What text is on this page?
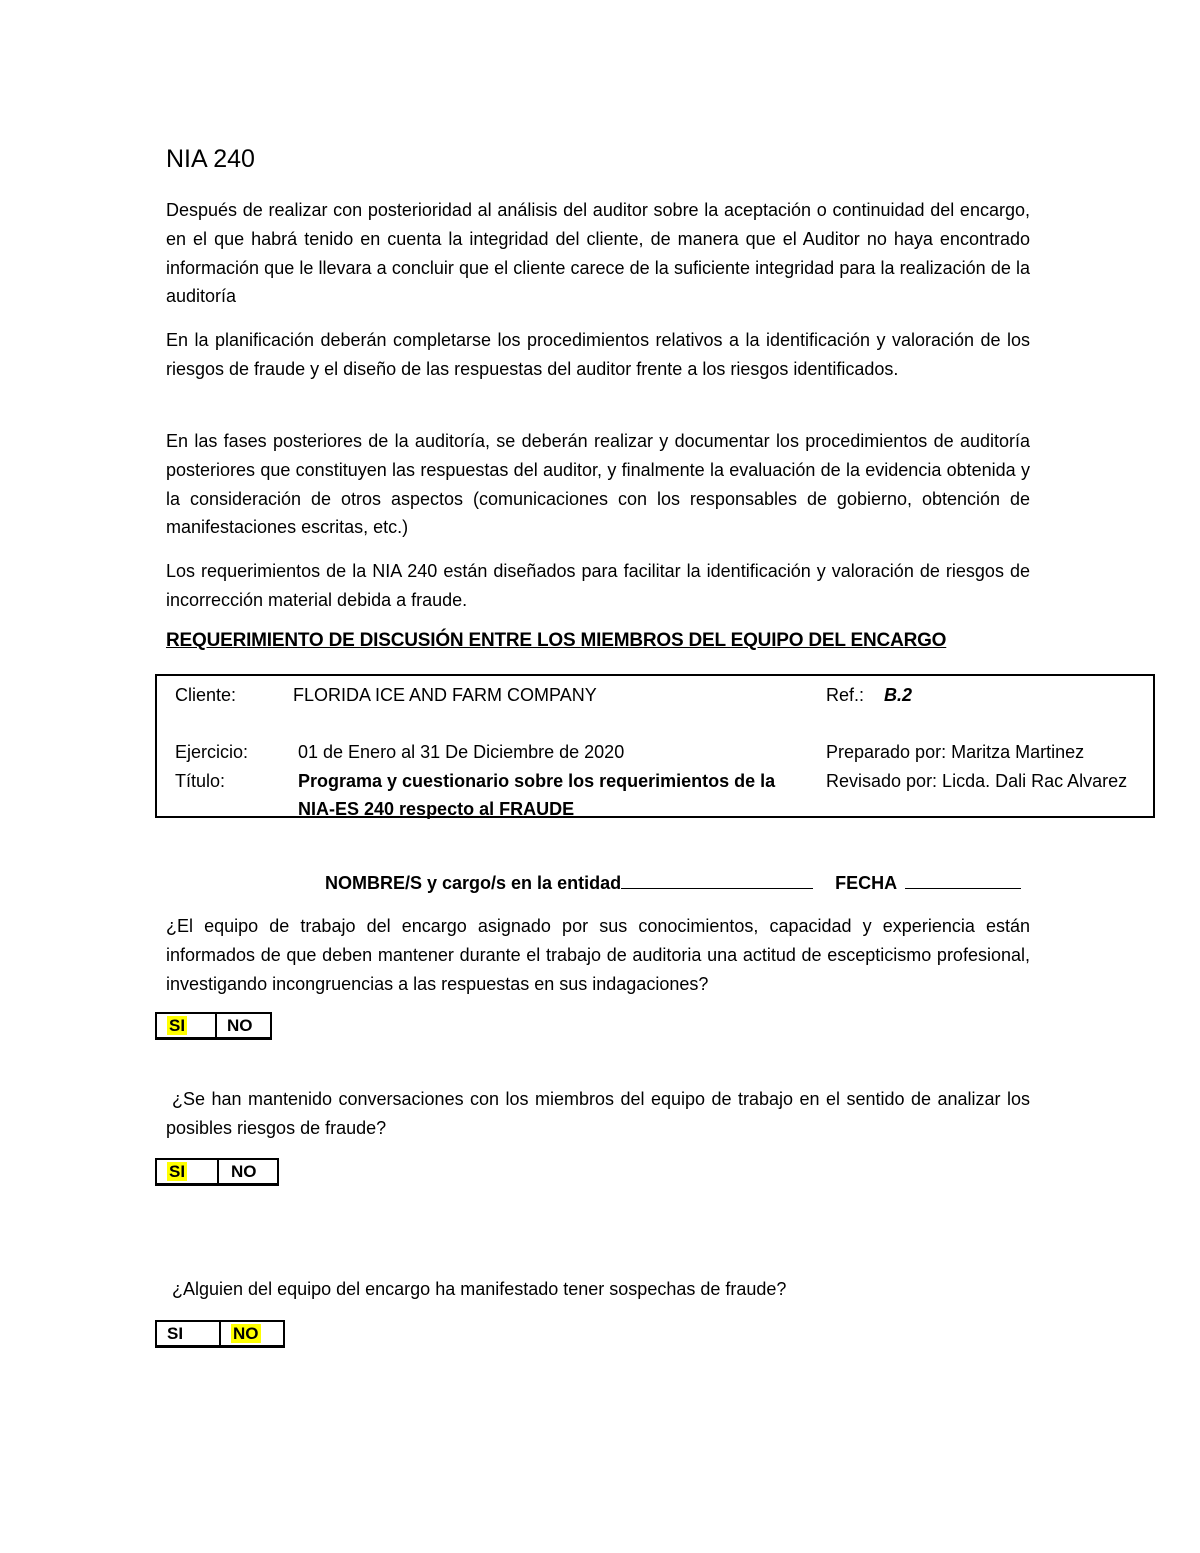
NIA 240
Después de realizar con posterioridad al análisis del auditor sobre la aceptación o continuidad del encargo, en el que habrá tenido en cuenta la integridad del cliente, de manera que el Auditor no haya encontrado información que le llevara a concluir que el cliente carece de la suficiente integridad para la realización de la auditoría
En la planificación deberán completarse los procedimientos relativos a la identificación y valoración de los riesgos de fraude y el diseño de las respuestas del auditor frente a los riesgos identificados.
En las fases posteriores de la auditoría, se deberán realizar y documentar los procedimientos de auditoría posteriores que constituyen las respuestas del auditor, y finalmente la evaluación de la evidencia obtenida y la consideración de otros aspectos (comunicaciones con los responsables de gobierno, obtención de manifestaciones escritas, etc.)
Los requerimientos de la NIA 240 están diseñados para facilitar la identificación y valoración de riesgos de incorrección material debida a fraude.
REQUERIMIENTO DE DISCUSIÓN ENTRE LOS MIEMBROS DEL EQUIPO DEL ENCARGO
Cliente:	FLORIDA ICE AND FARM COMPANY	Ref.: B.2
Ejercicio:	01 de Enero al 31 De Diciembre de 2020	Preparado por: Maritza Martinez
Título:	Programa y cuestionario sobre los requerimientos de la	Revisado por: Licda. Dali Rac Alvarez
NIA-ES 240 respecto al FRAUDE
NOMBRE/S y cargo/s en la entidad	FECHA
¿El equipo de trabajo del encargo asignado por sus conocimientos, capacidad y experiencia están informados de que deben mantener durante el trabajo de auditoria una actitud de escepticismo profesional, investigando incongruencias a las respuestas en sus indagaciones?
SI	NO
¿Se han mantenido conversaciones con los miembros del equipo de trabajo en el sentido de analizar los posibles riesgos de fraude?
SI	NO
¿Alguien del equipo del encargo ha manifestado tener sospechas de fraude?
SI	NO
